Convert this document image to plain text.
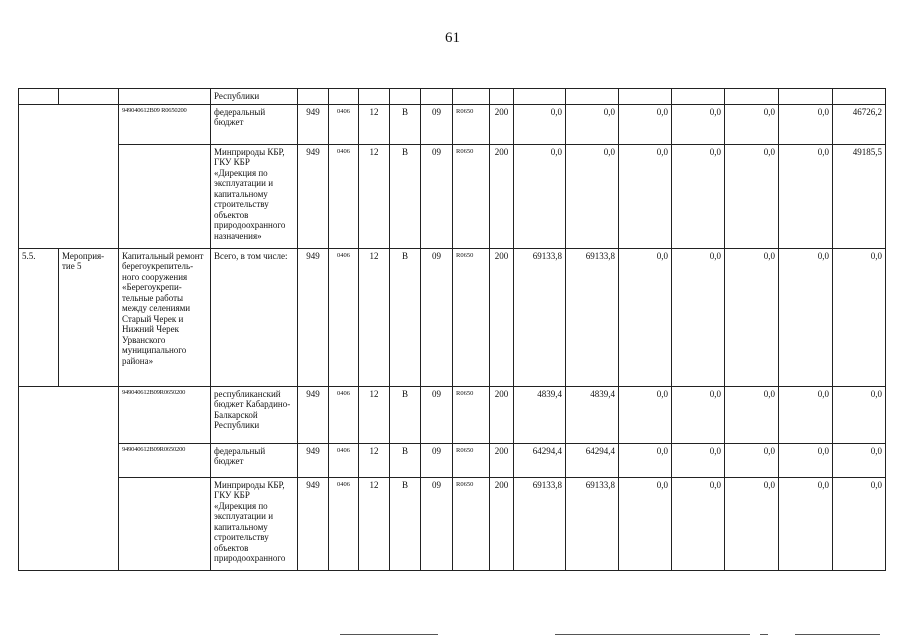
61
			Республики														
		949040612В09 R0650200	федеральный бюджет	949	0406	12	В	09	R0650	200	0,0	0,0	0,0	0,0	0,0	0,0	46726,2
			Минприроды КБР, ГКУ КБР «Дирекция по эксплуатации и капитальному строительству объектов природоохранного назначения»	949	0406	12	В	09	R0650	200	0,0	0,0	0,0	0,0	0,0	0,0	49185,5
5.5.	Мероприя-тие 5	Капитальный ремонт берегоукрепитель-ного сооружения «Берегоукрепи-тельные работы между селениями Старый Черек и Нижний Черек Урванского муниципального района»	Всего, в том числе:	949	0406	12	В	09	R0650	200	69133,8	69133,8	0,0	0,0	0,0	0,0	0,0
		949040612В09R0650200	республиканский бюджет Кабардино-Балкарской Республики	949	0406	12	В	09	R0650	200	4839,4	4839,4	0,0	0,0	0,0	0,0	0,0
		949040612В09R0650200	федеральный бюджет	949	0406	12	В	09	R0650	200	64294,4	64294,4	0,0	0,0	0,0	0,0	0,0
			Минприроды КБР, ГКУ КБР «Дирекция по эксплуатации и капитальному строительству объектов природоохранного	949	0406	12	В	09	R0650	200	69133,8	69133,8	0,0	0,0	0,0	0,0	0,0
